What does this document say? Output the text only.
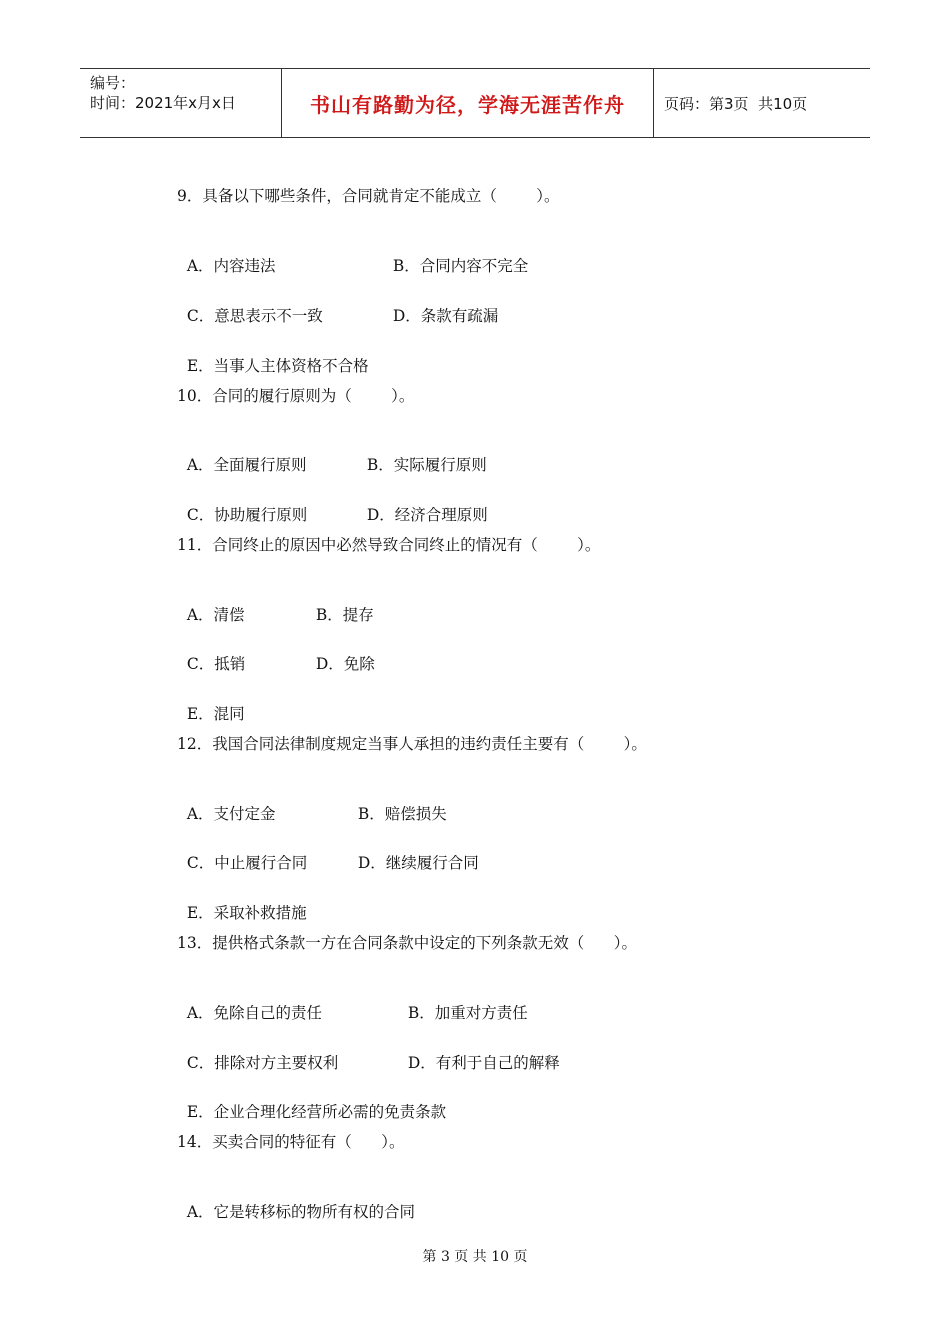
编号：
时间：2021年x月x日	书山有路勤为径，学海无涯苦作舟	页码：第3页  共10页
9．具备以下哪些条件，合同就肯定不能成立（        ）。

A．内容违法	B．合同内容不完全

C．意思表示不一致	D．条款有疏漏

E．当事人主体资格不合格

10．合同的履行原则为（        ）。

A．全面履行原则	B．实际履行原则

C．协助履行原则	D．经济合理原则

11．合同终止的原因中必然导致合同终止的情况有（        ）。

A．清偿	B．提存

C．抵销	D．免除

E．混同

12．我国合同法律制度规定当事人承担的违约责任主要有（        ）。

A．支付定金	B．赔偿损失

C．中止履行合同	D．继续履行合同

E．采取补救措施

13．提供格式条款一方在合同条款中设定的下列条款无效（      ）。

A．免除自己的责任	B．加重对方责任

C．排除对方主要权利	D．有利于自己的解释

E．企业合理化经营所必需的免责条款

14．买卖合同的特征有（      ）。

A．它是转移标的物所有权的合同

第 3 页 共 10 页
